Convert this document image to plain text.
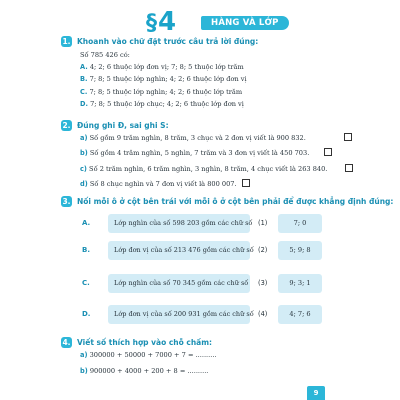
§4	HÀNG VÀ LỚP
1. Khoanh vào chữ đặt trước câu trả lời đúng:
Số 785 426 có:
A. 4; 2; 6 thuộc lớp đơn vị; 7; 8; 5 thuộc lớp trăm
B. 7; 8; 5 thuộc lớp nghìn; 4; 2; 6 thuộc lớp đơn vị
C. 7; 8; 5 thuộc lớp nghìn; 4; 2; 6 thuộc lớp trăm
D. 7; 8; 5 thuộc lớp chục; 4; 2; 6 thuộc lớp đơn vị
2. Đúng ghi Đ, sai ghi S:
a) Số gồm 9 trăm nghìn, 8 trăm, 3 chục và 2 đơn vị viết là 900 832.
b) Số gồm 4 trăm nghìn, 5 nghìn, 7 trăm và 3 đơn vị viết là 450 703.
c) Số 2 trăm nghìn, 6 trăm nghìn, 3 nghìn, 8 trăm, 4 chục viết là 263 840.
d) Số 8 chục nghìn và 7 đơn vị viết là 800 007.
3. Nối mỗi ô ở cột bên trái với mỗi ô ở cột bên phải để được khẳng định đúng:
A.	Lớp nghìn của số 598 203 gồm các chữ số (1)	7; 0
B.	Lớp đơn vị của số 213 476 gồm các chữ số (2)	5; 9; 8
C.	Lớp nghìn của số 70 345 gồm các chữ số (3)	9; 3; 1
D.	Lớp đơn vị của số 200 931 gồm các chữ số (4)	4; 7; 6
4. Viết số thích hợp vào chỗ chấm:
a) 300000 + 50000 + 7000 + 7 = ..........
b) 900000 + 4000 + 200 + 8 = ..........
9
